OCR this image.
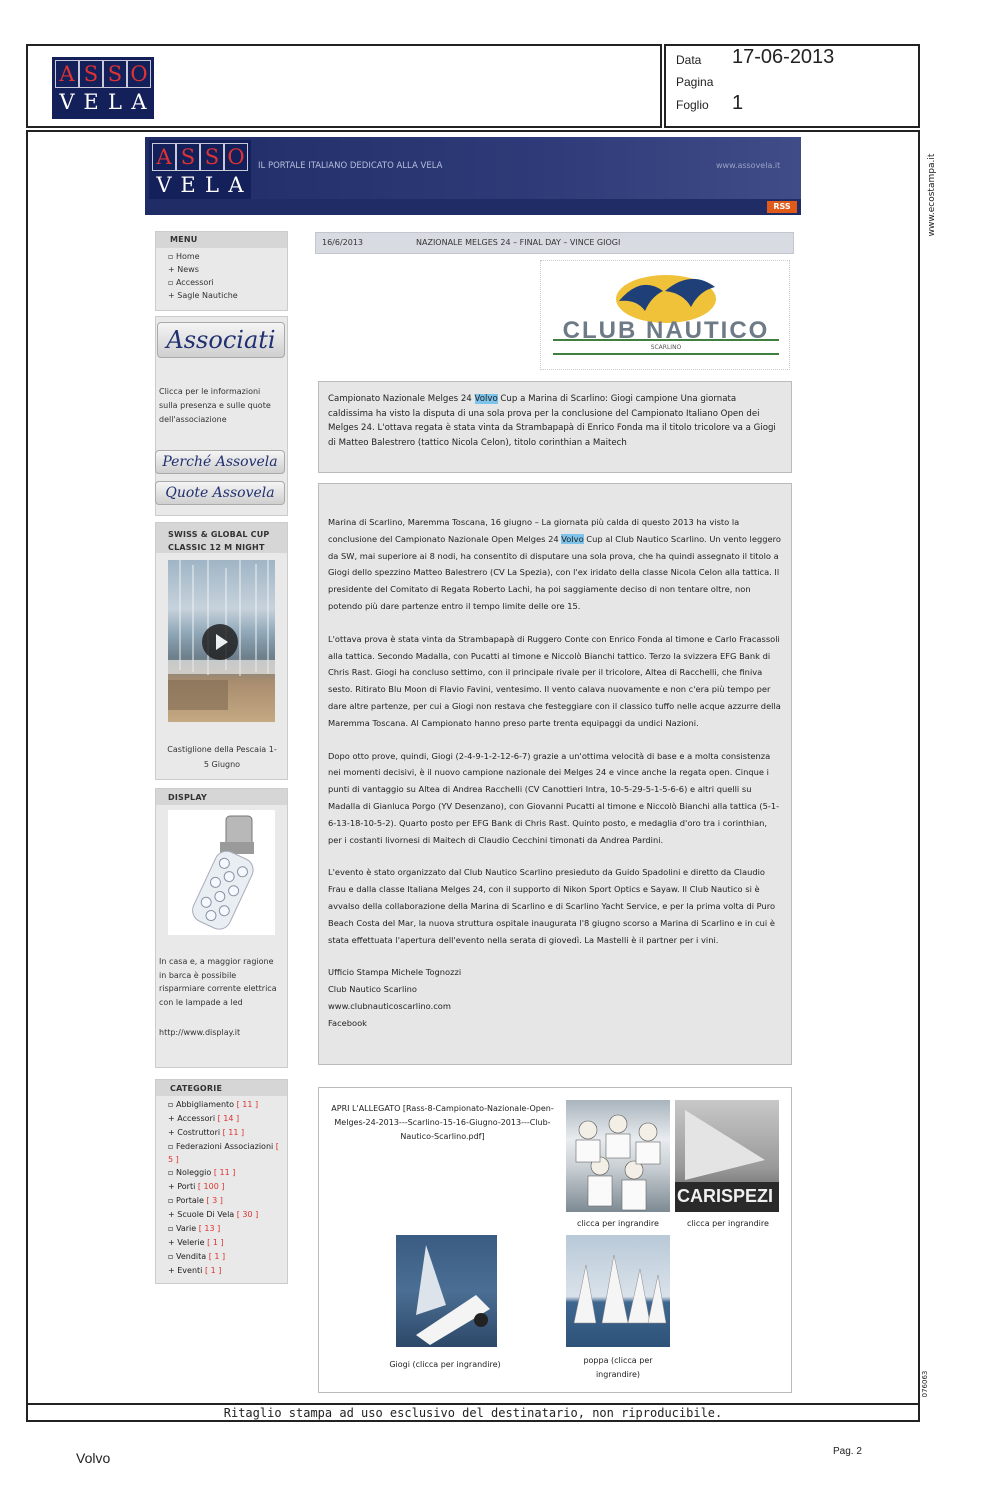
A S S O
V E L A
Data 17-06-2013
Pagina
Foglio 1
Ritaglio stampa ad uso esclusivo del destinatario, non riproducibile.
www.ecostampa.it
076063
A S S O
V E L A
IL PORTALE ITALIANO DEDICATO ALLA VELA	www.assovela.it
RSS
MENU
▫ Home
+ News
▫ Accessori
+ Sagle Nautiche
Associati
Clicca per le informazioni sulla presenza e sulle quote dell'associazione
Perché Assovela
Quote Assovela
SWISS & GLOBAL CUP CLASSIC 12 M NIGHT
Castiglione della Pescaia 1-5 Giugno
DISPLAY
In casa e, a maggior ragione in barca è possibile risparmiare corrente elettrica con le lampade a led
http://www.display.it
CATEGORIE
▫ Abbigliamento [ 11 ]
+ Accessori [ 14 ]
+ Costruttori [ 11 ]
▫ Federazioni Associazioni [ 5 ]
▫ Noleggio [ 11 ]
+ Porti [ 100 ]
▫ Portale [ 3 ]
+ Scuole Di Vela [ 30 ]
▫ Varie [ 13 ]
+ Velerie [ 1 ]
▫ Vendita [ 1 ]
+ Eventi [ 1 ]
16/6/2013	NAZIONALE MELGES 24 – FINAL DAY – VINCE GIOGI
CLUB NAUTICO
SCARLINO
Campionato Nazionale Melges 24 Volvo Cup a Marina di Scarlino: Giogi campione Una giornata caldissima ha visto la disputa di una sola prova per la conclusione del Campionato Italiano Open dei Melges 24. L'ottava regata è stata vinta da Strambapapà di Enrico Fonda ma il titolo tricolore va a Giogi di Matteo Balestrero (tattico Nicola Celon), titolo corinthian a Maitech

Marina di Scarlino, Maremma Toscana, 16 giugno – La giornata più calda di questo 2013 ha visto la conclusione del Campionato Nazionale Open Melges 24 Volvo Cup al Club Nautico Scarlino. Un vento leggero da SW, mai superiore ai 8 nodi, ha consentito di disputare una sola prova, che ha quindi assegnato il titolo a Giogi dello spezzino Matteo Balestrero (CV La Spezia), con l'ex iridato della classe Nicola Celon alla tattica. Il presidente del Comitato di Regata Roberto Lachi, ha poi saggiamente deciso di non tentare oltre, non potendo più dare partenze entro il tempo limite delle ore 15.

L'ottava prova è stata vinta da Strambapapà di Ruggero Conte con Enrico Fonda al timone e Carlo Fracassoli alla tattica. Secondo Madalla, con Pucatti al timone e Niccolò Bianchi tattico. Terzo la svizzera EFG Bank di Chris Rast. Giogi ha concluso settimo, con il principale rivale per il tricolore, Altea di Racchelli, che finiva sesto. Ritirato Blu Moon di Flavio Favini, ventesimo. Il vento calava nuovamente e non c'era più tempo per dare altre partenze, per cui a Giogi non restava che festeggiare con il classico tuffo nelle acque azzurre della Maremma Toscana. Al Campionato hanno preso parte trenta equipaggi da undici Nazioni.

Dopo otto prove, quindi, Giogi (2-4-9-1-2-12-6-7) grazie a un'ottima velocità di base e a molta consistenza nei momenti decisivi, è il nuovo campione nazionale dei Melges 24 e vince anche la regata open. Cinque i punti di vantaggio su Altea di Andrea Racchelli (CV Canottieri Intra, 10-5-29-5-1-5-6-6) e altri quelli su Madalla di Gianluca Porgo (YV Desenzano), con Giovanni Pucatti al timone e Niccolò Bianchi alla tattica (5-1-6-13-18-10-5-2). Quarto posto per EFG Bank di Chris Rast. Quinto posto, e medaglia d'oro tra i corinthian, per i costanti livornesi di Maitech di Claudio Cecchini timonati da Andrea Pardini.

L'evento è stato organizzato dal Club Nautico Scarlino presieduto da Guido Spadolini e diretto da Claudio Frau e dalla classe Italiana Melges 24, con il supporto di Nikon Sport Optics e Sayaw. Il Club Nautico si è avvalso della collaborazione della Marina di Scarlino e di Scarlino Yacht Service, e per la prima volta di Puro Beach Costa del Mar, la nuova struttura ospitale inaugurata l'8 giugno scorso a Marina di Scarlino e in cui è stata effettuata l'apertura dell'evento nella serata di giovedì. La Mastelli è il partner per i vini.

Ufficio Stampa Michele Tognozzi
Club Nautico Scarlino
www.clubnauticoscarlino.com
Facebook
APRI L'ALLEGATO [Rass-8-Campionato-Nazionale-Open-Melges-24-2013---Scarlino-15-16-Giugno-2013---Club-Nautico-Scarlino.pdf]
CARISPEZI
clicca per ingrandire	clicca per ingrandire
Giogi (clicca per ingrandire)	poppa (clicca per ingrandire)
Volvo	Pag. 2
